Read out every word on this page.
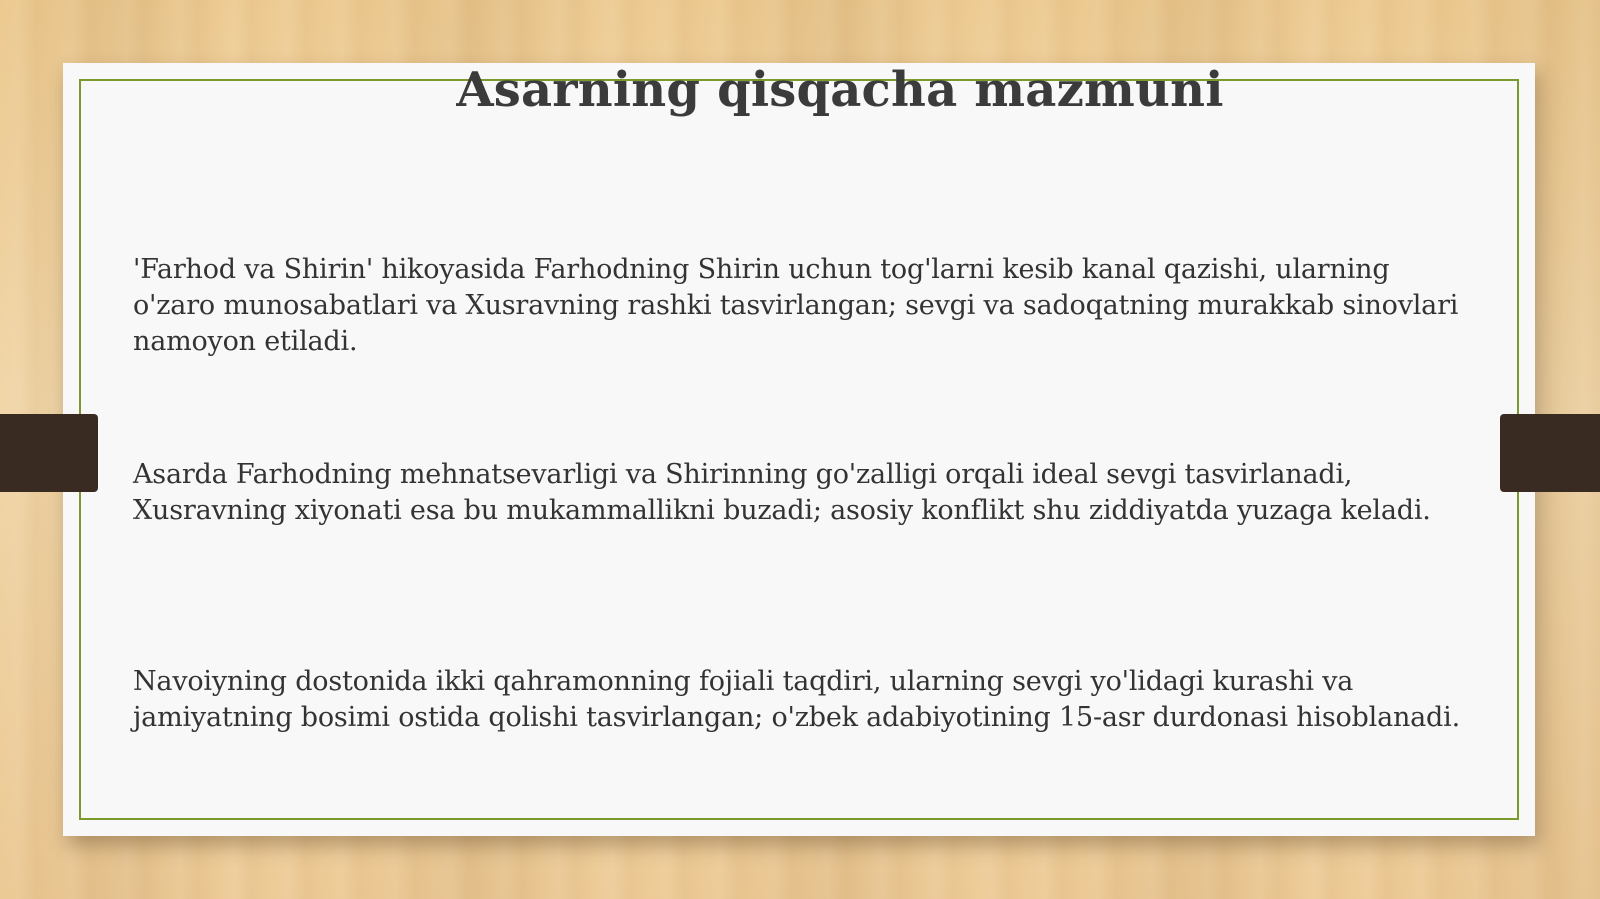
Asarning qisqacha mazmuni

'Farhod va Shirin' hikoyasida Farhodning Shirin uchun tog'larni kesib kanal qazishi, ularning o'zaro munosabatlari va Xusravning rashki tasvirlangan; sevgi va sadoqatning murakkab sinovlari namoyon etiladi.

Asarda Farhodning mehnatsevarligi va Shirinning go'zalligi orqali ideal sevgi tasvirlanadi, Xusravning xiyonati esa bu mukammallikni buzadi; asosiy konflikt shu ziddiyatda yuzaga keladi.

Navoiyning dostonida ikki qahramonning fojiali taqdiri, ularning sevgi yo'lidagi kurashi va jamiyatning bosimi ostida qolishi tasvirlangan; o'zbek adabiyotining 15-asr durdonasi hisoblanadi.
